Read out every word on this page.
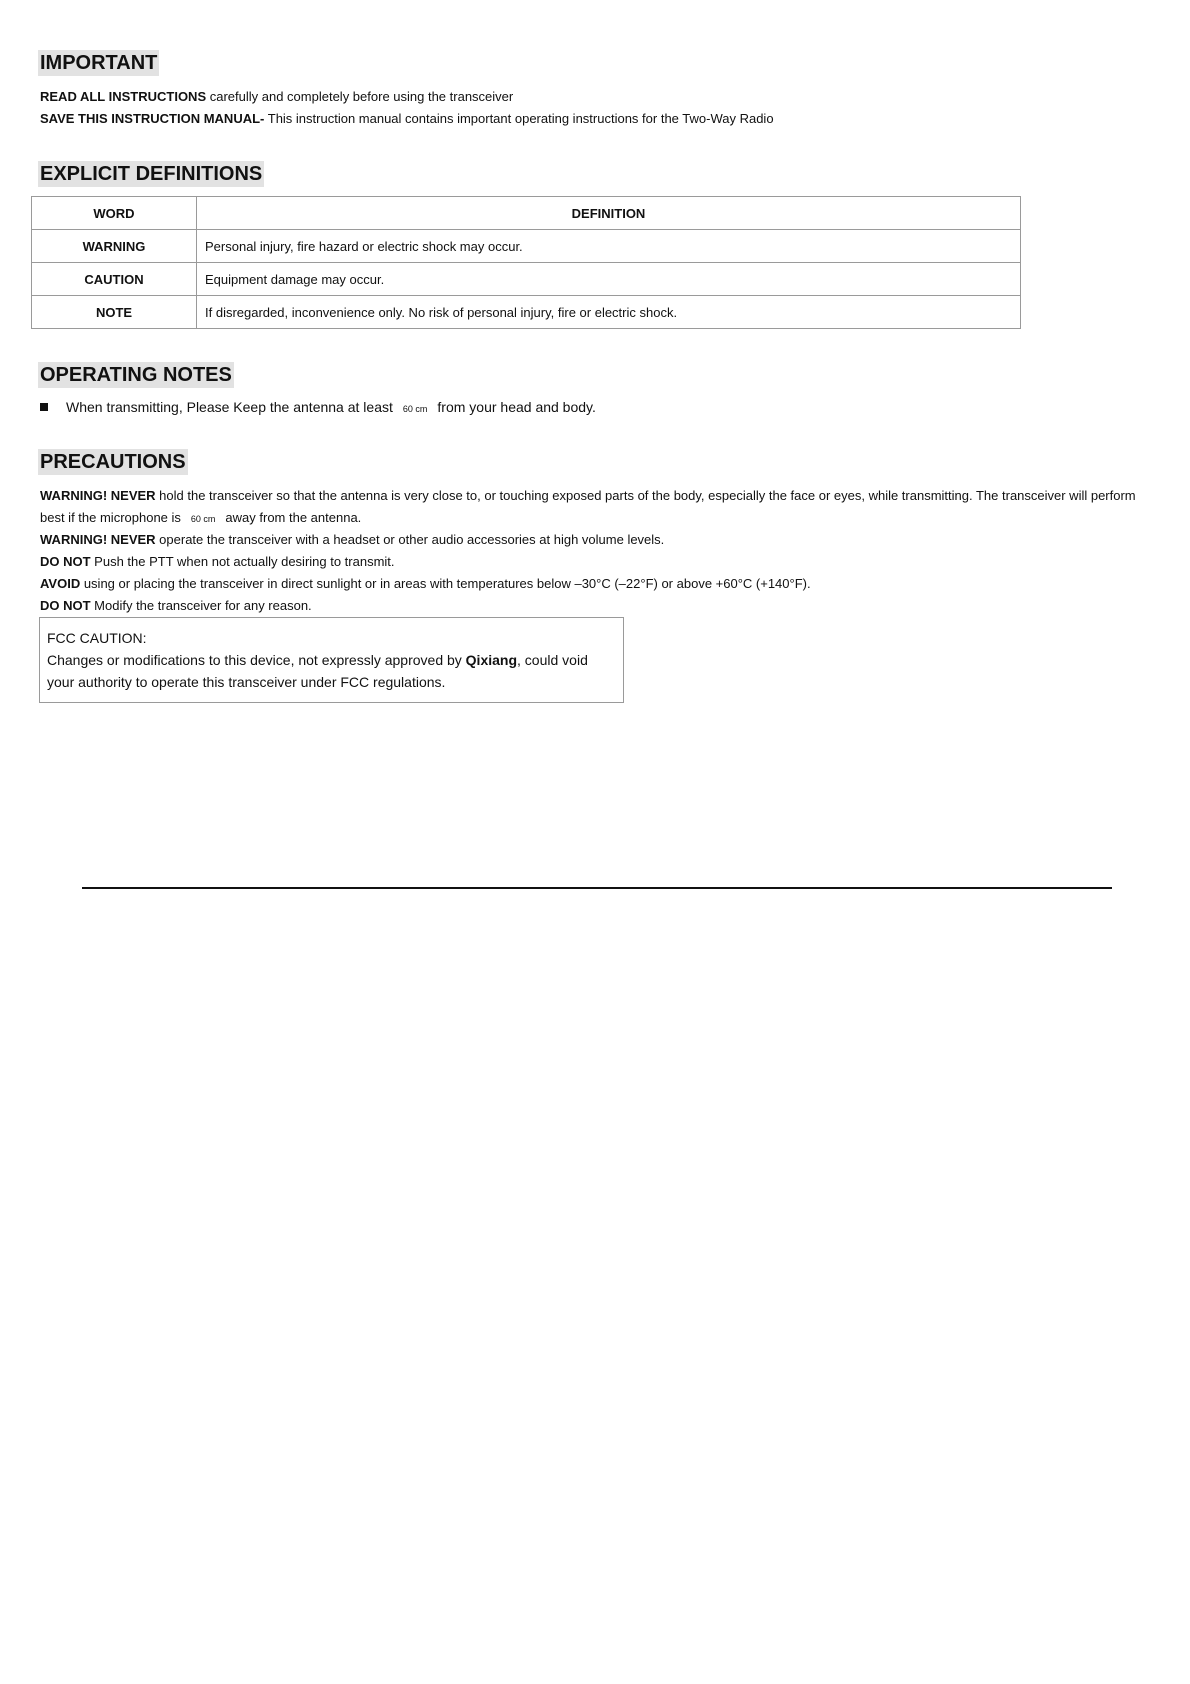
IMPORTANT
READ ALL INSTRUCTIONS carefully and completely before using the transceiver
SAVE THIS INSTRUCTION MANUAL- This instruction manual contains important operating instructions for the Two-Way Radio
EXPLICIT DEFINITIONS
WORD	DEFINITION
WARNING	Personal injury, fire hazard or electric shock may occur.
CAUTION	Equipment damage may occur.
NOTE	If disregarded, inconvenience only. No risk of personal injury, fire or electric shock.
OPERATING NOTES
When transmitting, Please Keep the antenna at least 60 cm from your head and body.
PRECAUTIONS
WARNING! NEVER hold the transceiver so that the antenna is very close to, or touching exposed parts of the body, especially the face or eyes, while transmitting. The transceiver will perform best if the microphone is 60 cm away from the antenna.
WARNING! NEVER operate the transceiver with a headset or other audio accessories at high volume levels.
DO NOT Push the PTT when not actually desiring to transmit.
AVOID using or placing the transceiver in direct sunlight or in areas with temperatures below –30°C (–22°F) or above +60°C (+140°F).
DO NOT Modify the transceiver for any reason.
FCC CAUTION:
Changes or modifications to this device, not expressly approved by Qixiang, could void your authority to operate this transceiver under FCC regulations.
